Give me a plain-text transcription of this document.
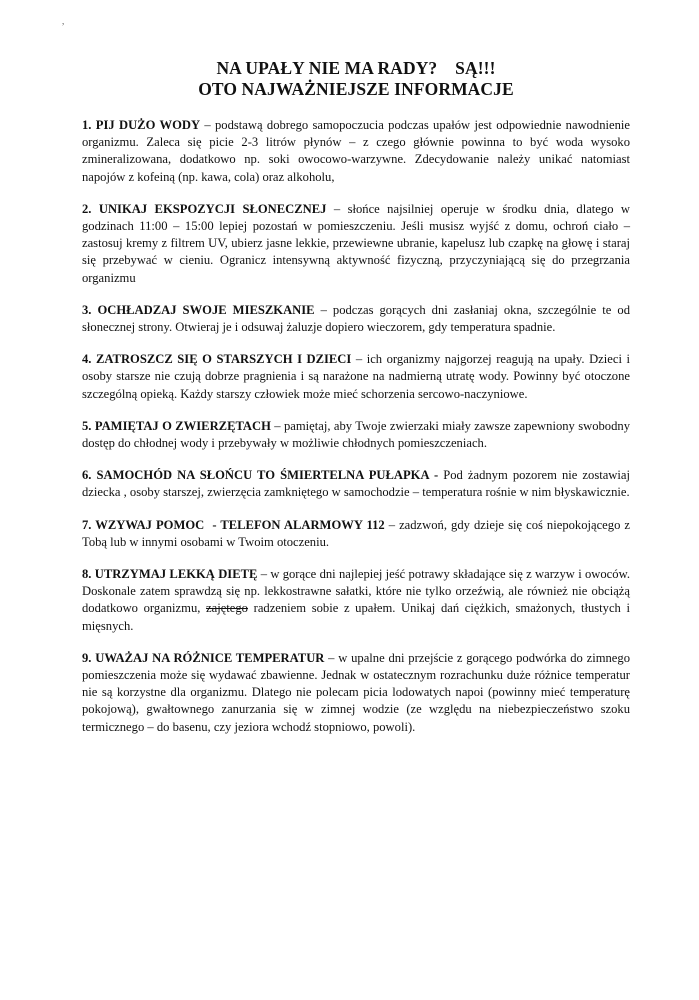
,
NA UPAŁY NIE MA RADY?    SĄ!!!
OTO NAJWAŻNIEJSZE INFORMACJE

1. PIJ DUŻO WODY – podstawą dobrego samopoczucia podczas upałów jest odpowiednie nawodnienie organizmu. Zaleca się picie 2-3 litrów płynów – z czego głównie powinna to być woda wysoko zmineralizowana, dodatkowo np. soki owocowo-warzywne. Zdecydowanie należy unikać natomiast napojów z kofeiną (np. kawa, cola) oraz alkoholu,

2. UNIKAJ EKSPOZYCJI SŁONECZNEJ – słońce najsilniej operuje w środku dnia, dlatego w godzinach 11:00 – 15:00 lepiej pozostań w pomieszczeniu. Jeśli musisz wyjść z domu, ochroń ciało – zastosuj kremy z filtrem UV, ubierz jasne lekkie, przewiewne ubranie, kapelusz lub czapkę na głowę i staraj się przebywać w cieniu. Ogranicz intensywną aktywność fizyczną, przyczyniającą się do przegrzania organizmu

3. OCHŁADZAJ SWOJE MIESZKANIE – podczas gorących dni zasłaniaj okna, szczególnie te od słonecznej strony. Otwieraj je i odsuwaj żaluzje dopiero wieczorem, gdy temperatura spadnie.

4. ZATROSZCZ SIĘ O STARSZYCH I DZIECI – ich organizmy najgorzej reagują na upały. Dzieci i osoby starsze nie czują dobrze pragnienia i są narażone na nadmierną utratę wody. Powinny być otoczone szczególną opieką. Każdy starszy człowiek może mieć schorzenia sercowo-naczyniowe.

5. PAMIĘTAJ O ZWIERZĘTACH – pamiętaj, aby Twoje zwierzaki miały zawsze zapewniony swobodny dostęp do chłodnej wody i przebywały w możliwie chłodnych pomieszczeniach.

6. SAMOCHÓD NA SŁOŃCU TO ŚMIERTELNA PUŁAPKA - Pod żadnym pozorem nie zostawiaj dziecka , osoby starszej, zwierzęcia zamkniętego w samochodzie – temperatura rośnie w nim błyskawicznie.

7. WZYWAJ POMOC  - TELEFON ALARMOWY 112 – zadzwoń, gdy dzieje się coś niepokojącego z Tobą lub w innymi osobami w Twoim otoczeniu.

8. UTRZYMAJ LEKKĄ DIETĘ – w gorące dni najlepiej jeść potrawy składające się z warzyw i owoców. Doskonale zatem sprawdzą się np. lekkostrawne sałatki, które nie tylko orzeźwią, ale również nie obciążą dodatkowo organizmu, zajętego radzeniem sobie z upałem. Unikaj dań ciężkich, smażonych, tłustych i mięsnych.

9. UWAŻAJ NA RÓŻNICE TEMPERATUR – w upalne dni przejście z gorącego podwórka do zimnego pomieszczenia może się wydawać zbawienne. Jednak w ostatecznym rozrachunku duże różnice temperatur nie są korzystne dla organizmu. Dlatego nie polecam picia lodowatych napoi (powinny mieć temperaturę pokojową), gwałtownego zanurzania się w zimnej wodzie (ze względu na niebezpieczeństwo szoku termicznego – do basenu, czy jeziora wchodź stopniowo, powoli).
